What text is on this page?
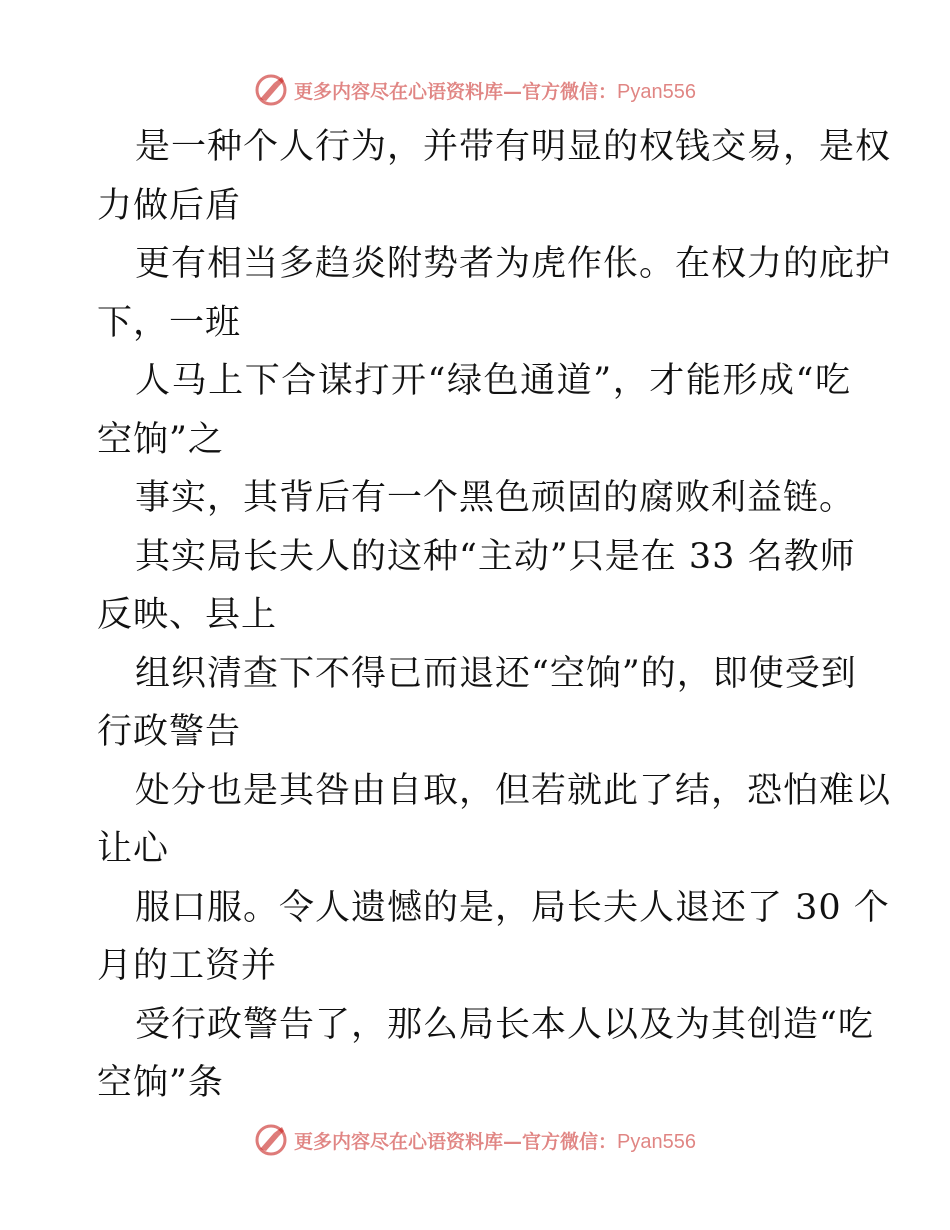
更多内容尽在心语资料库—官方微信：Pyan556
是一种个人行为，并带有明显的权钱交易，是权
力做后盾
更有相当多趋炎附势者为虎作伥。在权力的庇护
下，一班
人马上下合谋打开“绿色通道”，才能形成“吃
空饷”之
事实，其背后有一个黑色顽固的腐败利益链。
其实局长夫人的这种“主动”只是在 33 名教师
反映、县上
组织清查下不得已而退还“空饷”的，即使受到
行政警告
处分也是其咎由自取，但若就此了结，恐怕难以
让心
服口服。令人遗憾的是，局长夫人退还了 30 个
月的工资并
受行政警告了，那么局长本人以及为其创造“吃
空饷”条
更多内容尽在心语资料库—官方微信：Pyan556
